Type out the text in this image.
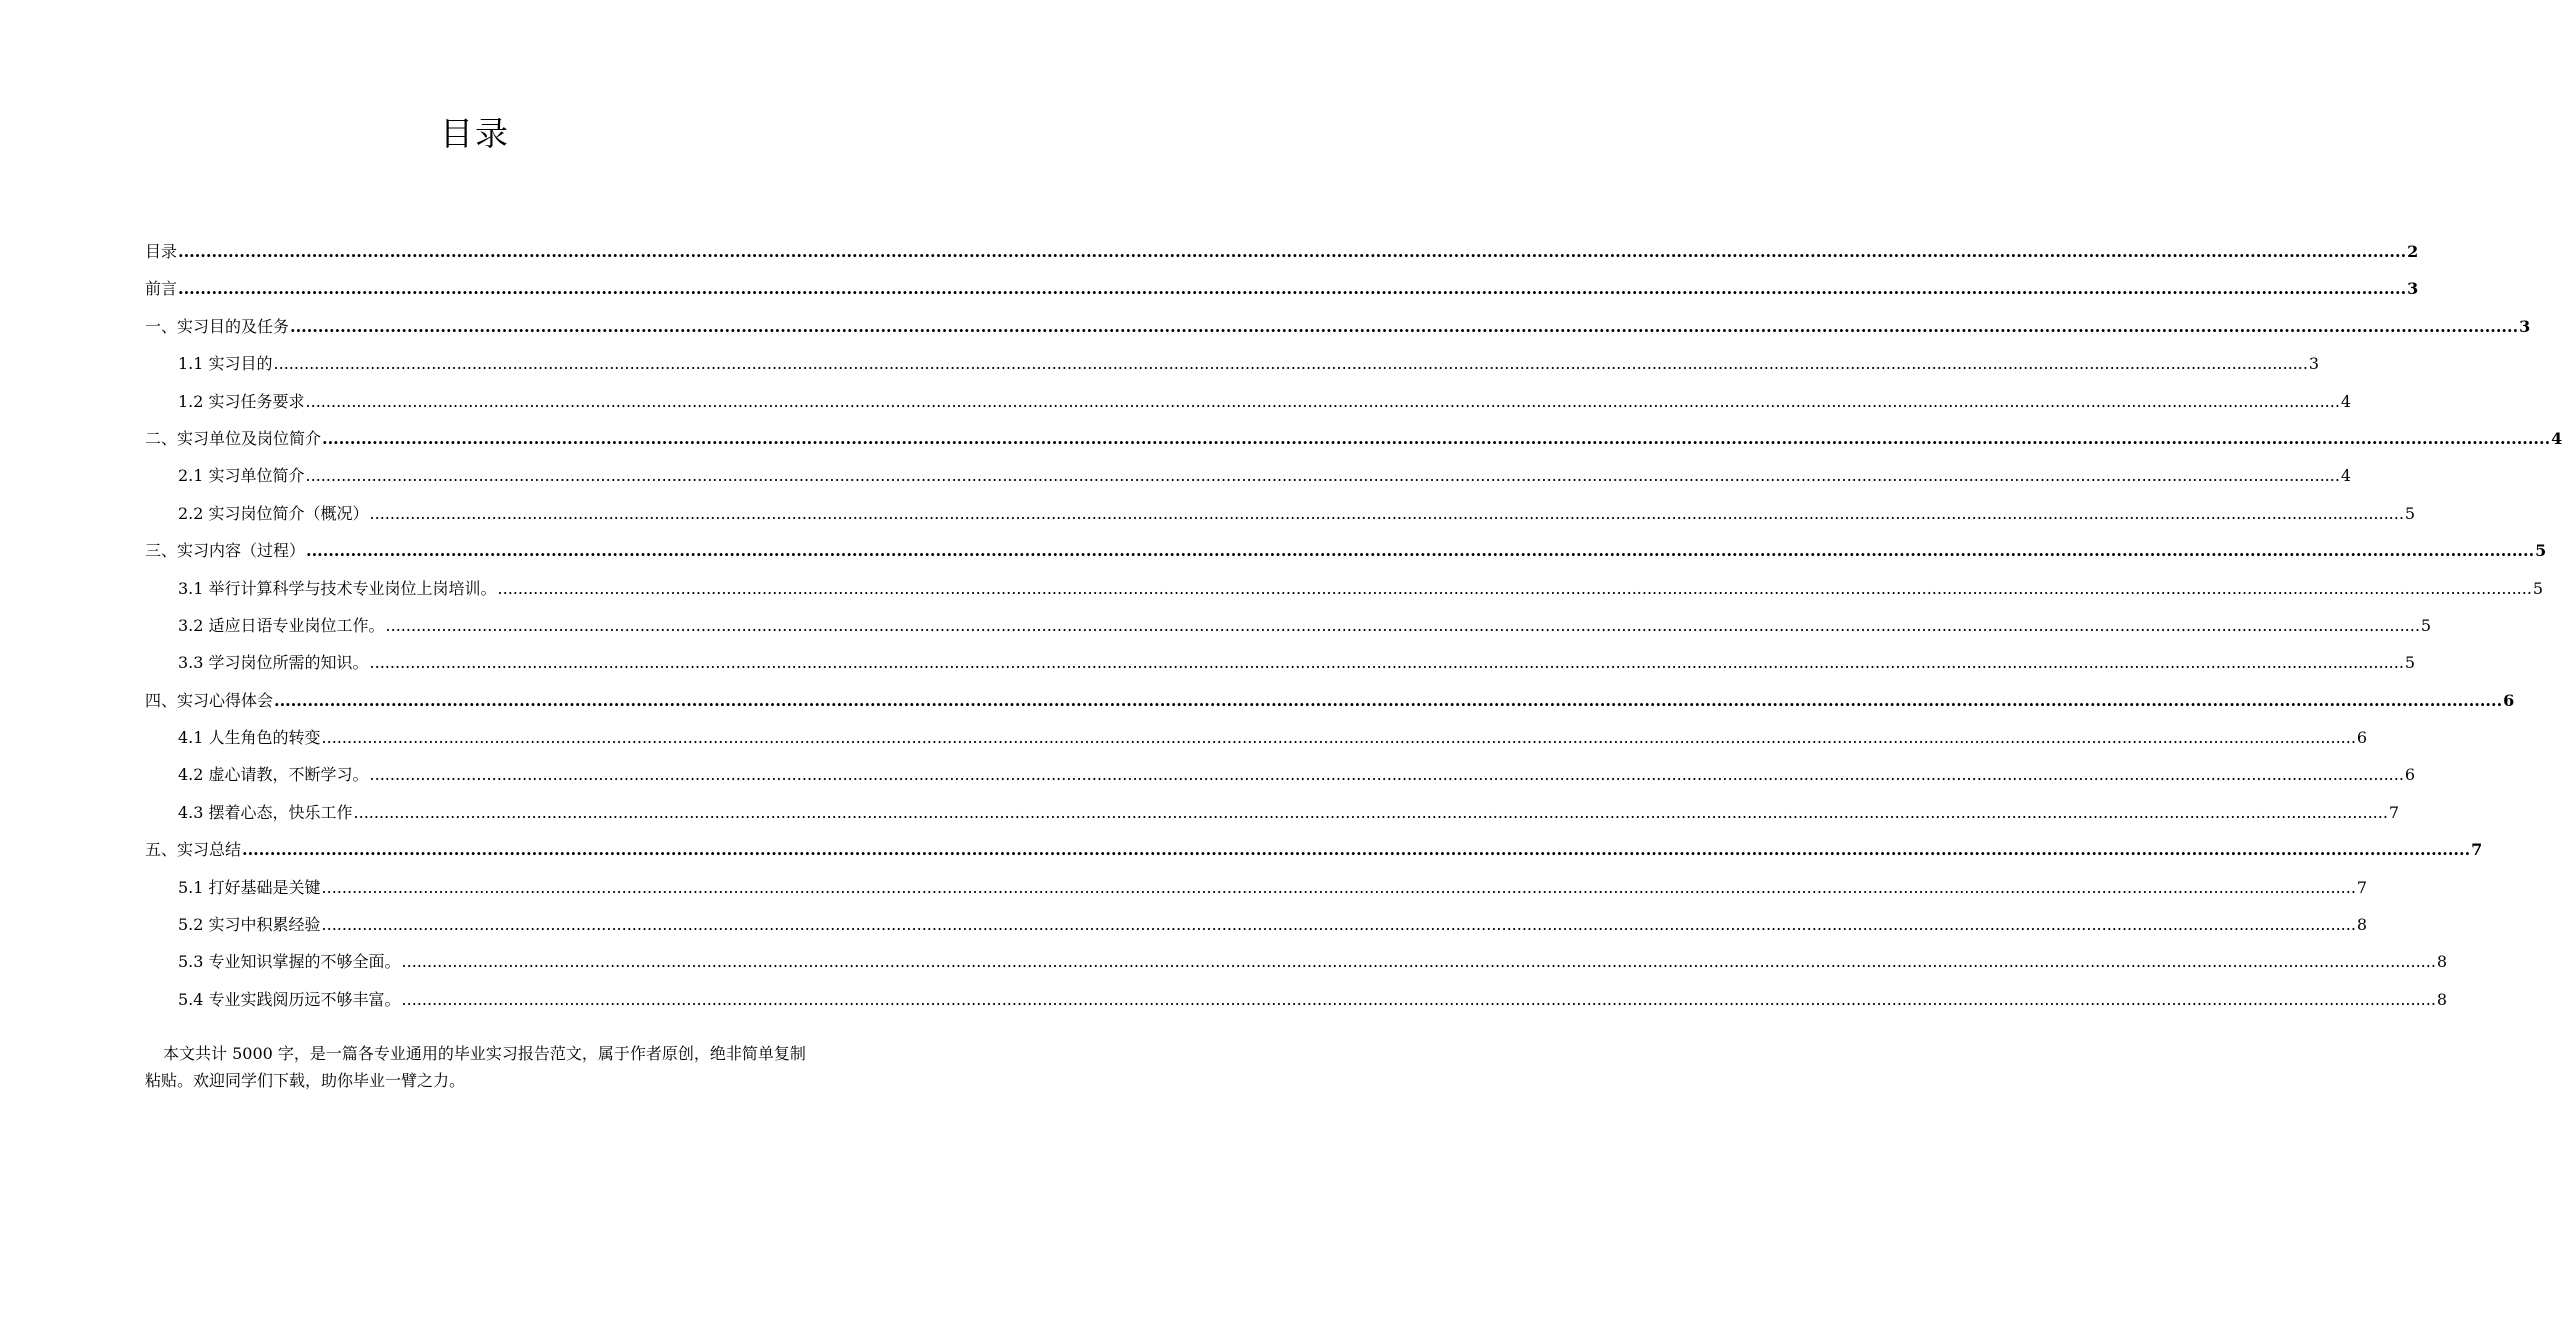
目录
目录 ................................................................................................................................................................................................................................................................................................................................................................................................................ 2
前言 ................................................................................................................................................................................................................................................................................................................................................................................................................ 3
一、实习目的及任务 ................................................................................................................................................................................................................................................................................................................................................................................................................ 3
1.1 实习目的 ................................................................................................................................................................................................................................................................................................................................................................................................................ 3
1.2 实习任务要求 ................................................................................................................................................................................................................................................................................................................................................................................................................ 4
二、实习单位及岗位简介 ................................................................................................................................................................................................................................................................................................................................................................................................................ 4
2.1 实习单位简介 ................................................................................................................................................................................................................................................................................................................................................................................................................ 4
2.2 实习岗位简介（概况） ................................................................................................................................................................................................................................................................................................................................................................................................................ 5
三、实习内容（过程） ................................................................................................................................................................................................................................................................................................................................................................................................................ 5
3.1 举行计算科学与技术专业岗位上岗培训。 ................................................................................................................................................................................................................................................................................................................................................................................................................ 5
3.2 适应日语专业岗位工作。 ................................................................................................................................................................................................................................................................................................................................................................................................................ 5
3.3 学习岗位所需的知识。 ................................................................................................................................................................................................................................................................................................................................................................................................................ 5
四、实习心得体会 ................................................................................................................................................................................................................................................................................................................................................................................................................ 6
4.1 人生角色的转变 ................................................................................................................................................................................................................................................................................................................................................................................................................ 6
4.2 虚心请教，不断学习。 ................................................................................................................................................................................................................................................................................................................................................................................................................ 6
4.3 摆着心态，快乐工作 ................................................................................................................................................................................................................................................................................................................................................................................................................ 7
五、实习总结 ................................................................................................................................................................................................................................................................................................................................................................................................................ 7
5.1 打好基础是关键 ................................................................................................................................................................................................................................................................................................................................................................................................................ 7
5.2 实习中积累经验 ................................................................................................................................................................................................................................................................................................................................................................................................................ 8
5.3 专业知识掌握的不够全面。 ................................................................................................................................................................................................................................................................................................................................................................................................................ 8
5.4 专业实践阅历远不够丰富。 ................................................................................................................................................................................................................................................................................................................................................................................................................ 8
本文共计 5000 字，是一篇各专业通用的毕业实习报告范文，属于作者原创，绝非简单复制粘贴。欢迎同学们下载，助你毕业一臂之力。
